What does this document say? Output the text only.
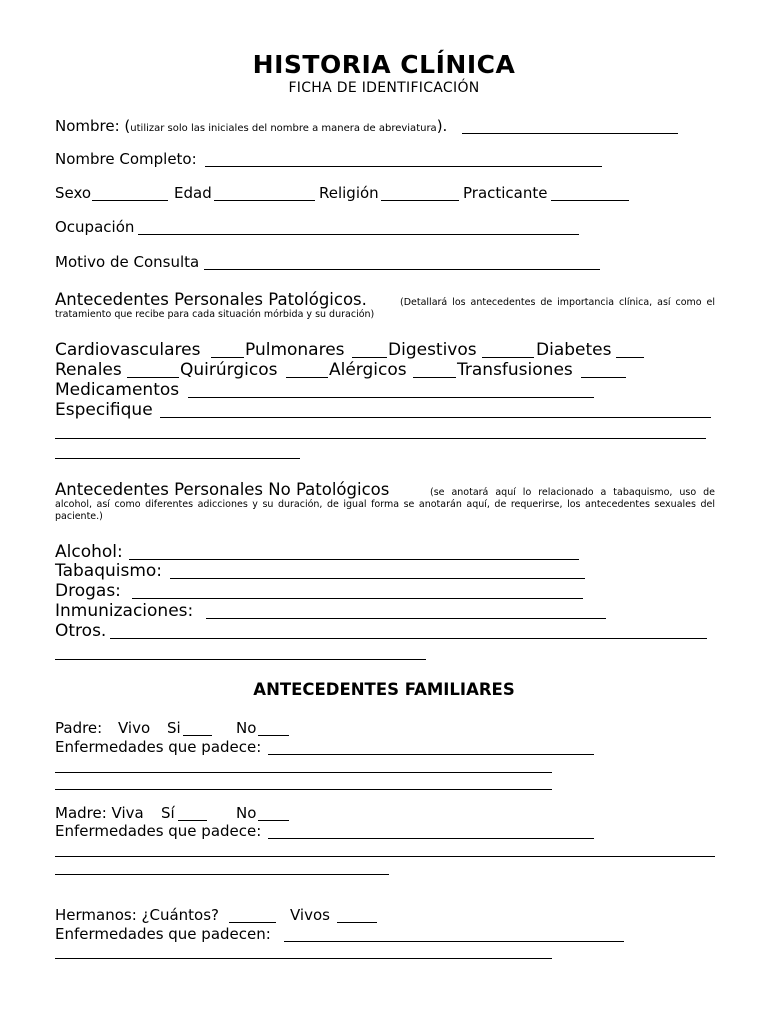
HISTORIA CLÍNICA
FICHA DE IDENTIFICACIÓN
Nombre: (utilizar solo las iniciales del nombre a manera de abreviatura).
Nombre Completo:
Sexo	Edad	Religión	Practicante
Ocupación
Motivo de Consulta
Antecedentes Personales Patológicos.	(Detallará los antecedentes de importancia clínica, así como el tratamiento que recibe para cada situación mórbida y su duración)
Cardiovasculares	Pulmonares	Digestivos	Diabetes
Renales	Quirúrgicos	Alérgicos	Transfusiones
Medicamentos
Especifique
Antecedentes Personales No Patológicos	(se anotará aquí lo relacionado a tabaquismo, uso de alcohol, así como diferentes adicciones y su duración, de igual forma se anotarán aquí, de requerirse, los antecedentes sexuales del paciente.)
Alcohol:
Tabaquismo:
Drogas:
Inmunizaciones:
Otros.
ANTECEDENTES FAMILIARES
Padre: Vivo Si	No
Enfermedades que padece:
Madre: Viva Sí	No
Enfermedades que padece:
Hermanos: ¿Cuántos?	Vivos
Enfermedades que padecen:
